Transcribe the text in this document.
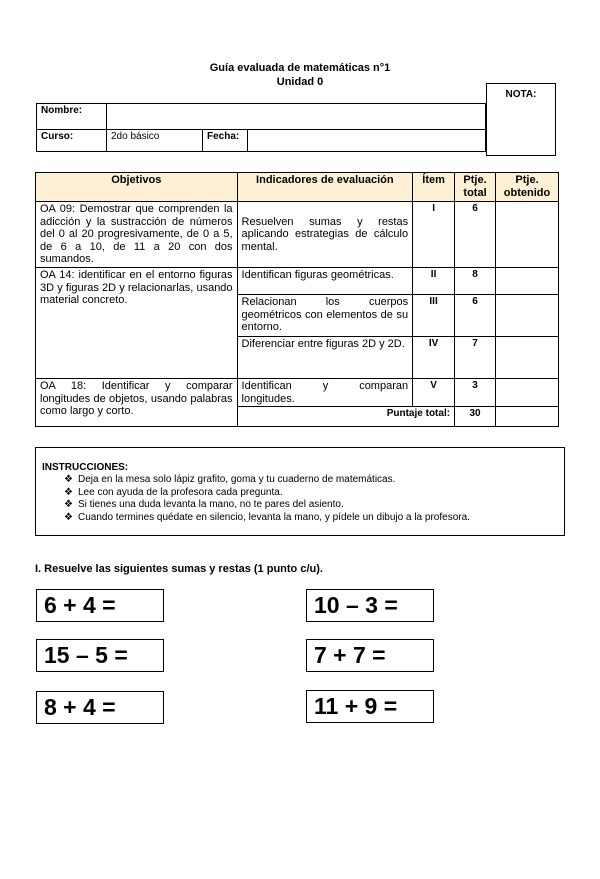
Guía evaluada de matemáticas n°1
Unidad 0
NOTA:
Nombre:			
Curso:	2do básico	Fecha:	
Objetivos	Indicadores de evaluación	Ítem	Ptje. total	Ptje. obtenido
OA 09: Demostrar que comprenden la adicción y la sustracción de números del 0 al 20 progresivamente, de 0 a 5, de 6 a 10, de 11 a 20 con dos sumandos.	Resuelven sumas y restas aplicando estrategias de cálculo mental.	I	6	
OA 14: identificar en el entorno figuras 3D y figuras 2D y relacionarlas, usando material concreto.	Identifican figuras geométricas.	II	8	
	Relacionan los cuerpos geométricos con elementos de su entorno.	III	6	
	Diferenciar entre figuras 2D y 2D.	IV	7	
OA 18: Identificar y comparar longitudes de objetos, usando palabras como largo y corto.	Identifican y comparan longitudes.	V	3	
	Puntaje total:		30	
INSTRUCCIONES:
❖ Deja en la mesa solo lápiz grafito, goma y tu cuaderno de matemáticas.
❖ Lee con ayuda de la profesora cada pregunta.
❖ Si tienes una duda levanta la mano, no te pares del asiento.
❖ Cuando termines quédate en silencio, levanta la mano, y pídele un dibujo a la profesora.
I. Resuelve las siguientes sumas y restas (1 punto c/u).
6 + 4 =	10 – 3 =
15 – 5 =	7 + 7 =
8 + 4 =	11 + 9 =
